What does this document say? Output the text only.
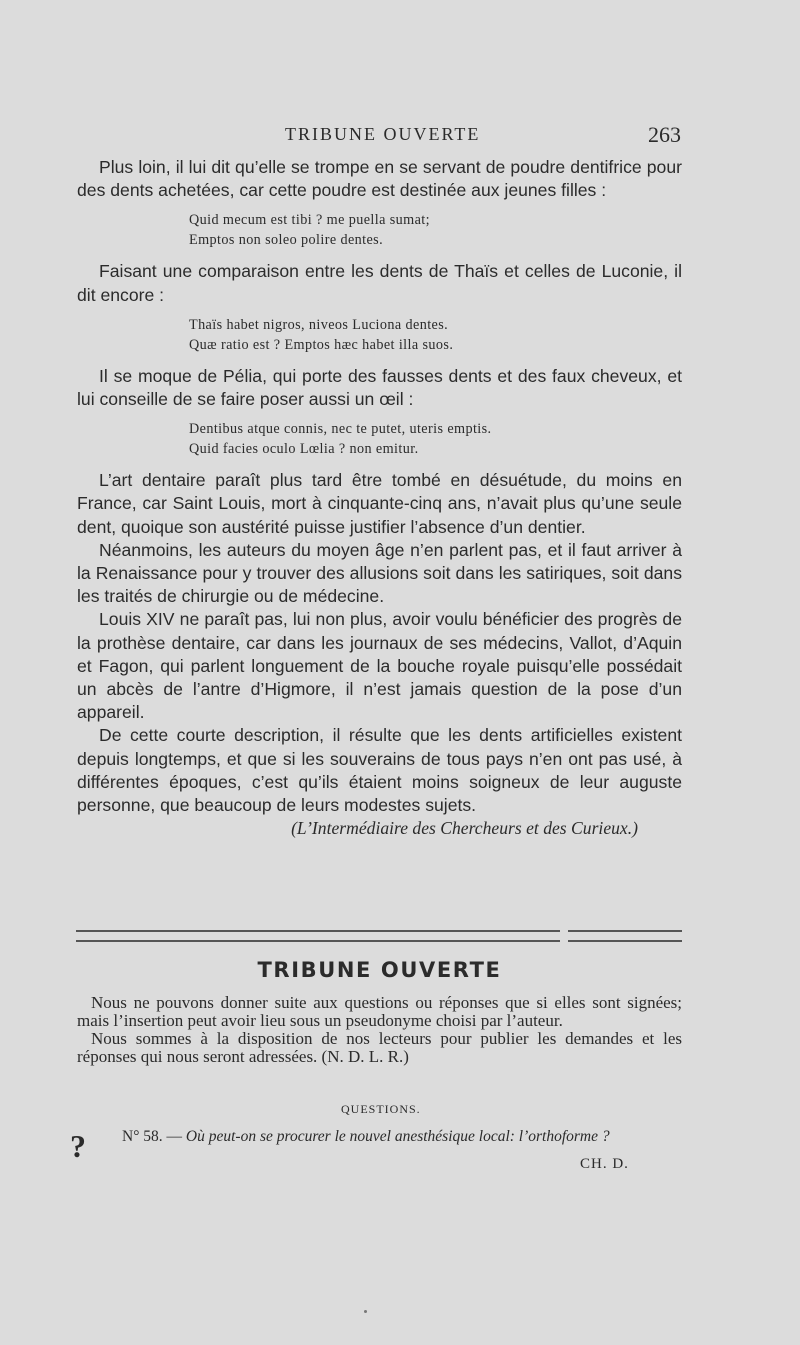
TRIBUNE OUVERTE	263

Plus loin, il lui dit qu’elle se trompe en se servant de poudre dentifrice pour des dents achetées, car cette poudre est destinée aux jeunes filles :

Quid mecum est tibi ? me puella sumat;
Emptos non soleo polire dentes.

Faisant une comparaison entre les dents de Thaïs et celles de Luconie, il dit encore :

Thaïs habet nigros, niveos Luciona dentes.
Quæ ratio est ? Emptos hæc habet illa suos.

Il se moque de Pélia, qui porte des fausses dents et des faux cheveux, et lui conseille de se faire poser aussi un œil :

Dentibus atque connis, nec te putet, uteris emptis.
Quid facies oculo Lœlia ? non emitur.

L’art dentaire paraît plus tard être tombé en désuétude, du moins en France, car Saint Louis, mort à cinquante-cinq ans, n’avait plus qu’une seule dent, quoique son austérité puisse justifier l’absence d’un dentier.

Néanmoins, les auteurs du moyen âge n’en parlent pas, et il faut arriver à la Renaissance pour y trouver des allusions soit dans les satiriques, soit dans les traités de chirurgie ou de médecine.

Louis XIV ne paraît pas, lui non plus, avoir voulu bénéficier des progrès de la prothèse dentaire, car dans les journaux de ses médecins, Vallot, d’Aquin et Fagon, qui parlent longuement de la bouche royale puisqu’elle possédait un abcès de l’antre d’Higmore, il n’est jamais question de la pose d’un appareil.

De cette courte description, il résulte que les dents artificielles existent depuis longtemps, et que si les souverains de tous pays n’en ont pas usé, à différentes époques, c’est qu’ils étaient moins soigneux de leur auguste personne, que beaucoup de leurs modestes sujets.

(L’Intermédiaire des Chercheurs et des Curieux.)
TRIBUNE OUVERTE

Nous ne pouvons donner suite aux questions ou réponses que si elles sont signées; mais l’insertion peut avoir lieu sous un pseudonyme choisi par l’auteur.

Nous sommes à la disposition de nos lecteurs pour publier les demandes et les réponses qui nous seront adressées. (N. D. L. R.)

QUESTIONS.
?	N° 58. — Où peut-on se procurer le nouvel anesthésique local: l’orthoforme ?
CH. D.
